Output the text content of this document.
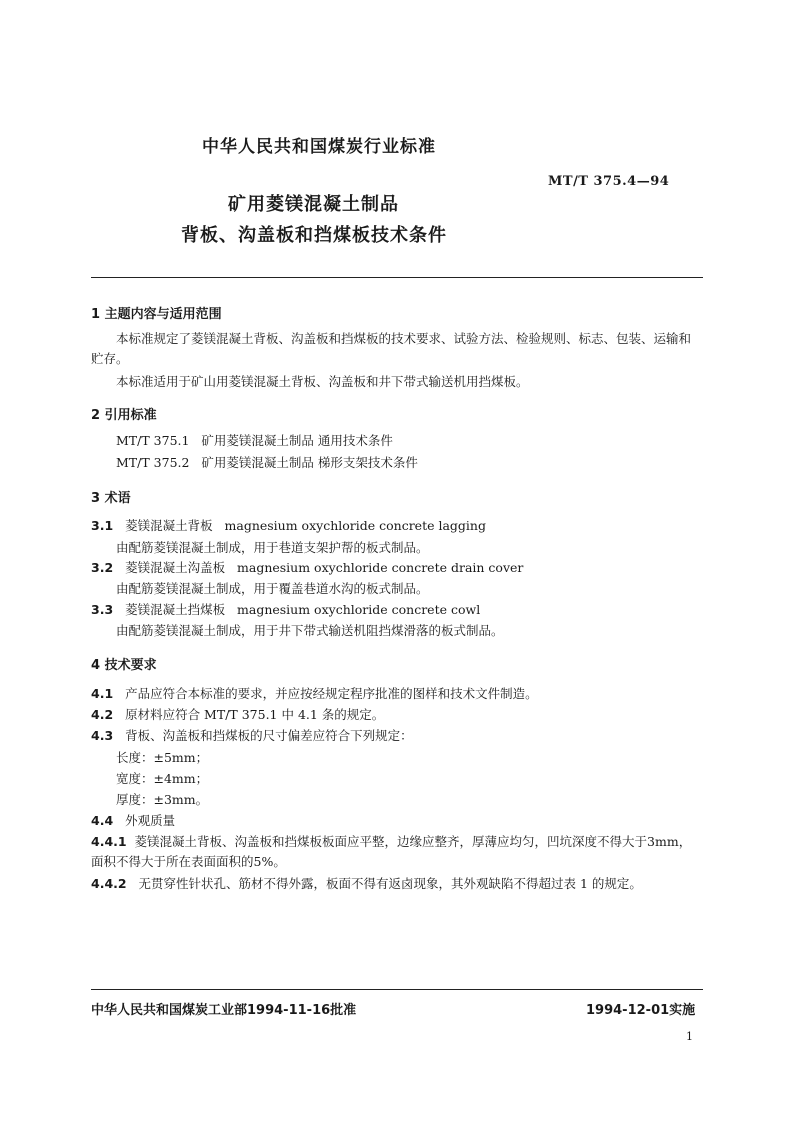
中华人民共和国煤炭行业标准
MT/T 375.4—94
矿用菱镁混凝土制品
背板、沟盖板和挡煤板技术条件
1 主题内容与适用范围
本标准规定了菱镁混凝土背板、沟盖板和挡煤板的技术要求、试验方法、检验规则、标志、包装、运输和贮存。
本标准适用于矿山用菱镁混凝土背板、沟盖板和井下带式输送机用挡煤板。
2 引用标准
MT/T 375.1 矿用菱镁混凝土制品 通用技术条件
MT/T 375.2 矿用菱镁混凝土制品 梯形支架技术条件
3 术语
3.1 菱镁混凝土背板 magnesium oxychloride concrete lagging
由配筋菱镁混凝土制成，用于巷道支架护帮的板式制品。
3.2 菱镁混凝土沟盖板 magnesium oxychloride concrete drain cover
由配筋菱镁混凝土制成，用于覆盖巷道水沟的板式制品。
3.3 菱镁混凝土挡煤板 magnesium oxychloride concrete cowl
由配筋菱镁混凝土制成，用于井下带式输送机阻挡煤滑落的板式制品。
4 技术要求
4.1 产品应符合本标准的要求，并应按经规定程序批准的图样和技术文件制造。
4.2 原材料应符合 MT/T 375.1 中 4.1 条的规定。
4.3 背板、沟盖板和挡煤板的尺寸偏差应符合下列规定：
长度：±5mm；
宽度：±4mm；
厚度：±3mm。
4.4 外观质量
4.4.1 菱镁混凝土背板、沟盖板和挡煤板板面应平整，边缘应整齐，厚薄应均匀，凹坑深度不得大于3mm，面积不得大于所在表面面积的5%。
4.4.2 无贯穿性针状孔、筋材不得外露，板面不得有返卤现象，其外观缺陷不得超过表 1 的规定。
中华人民共和国煤炭工业部1994-11-16批准	1994-12-01实施
1
